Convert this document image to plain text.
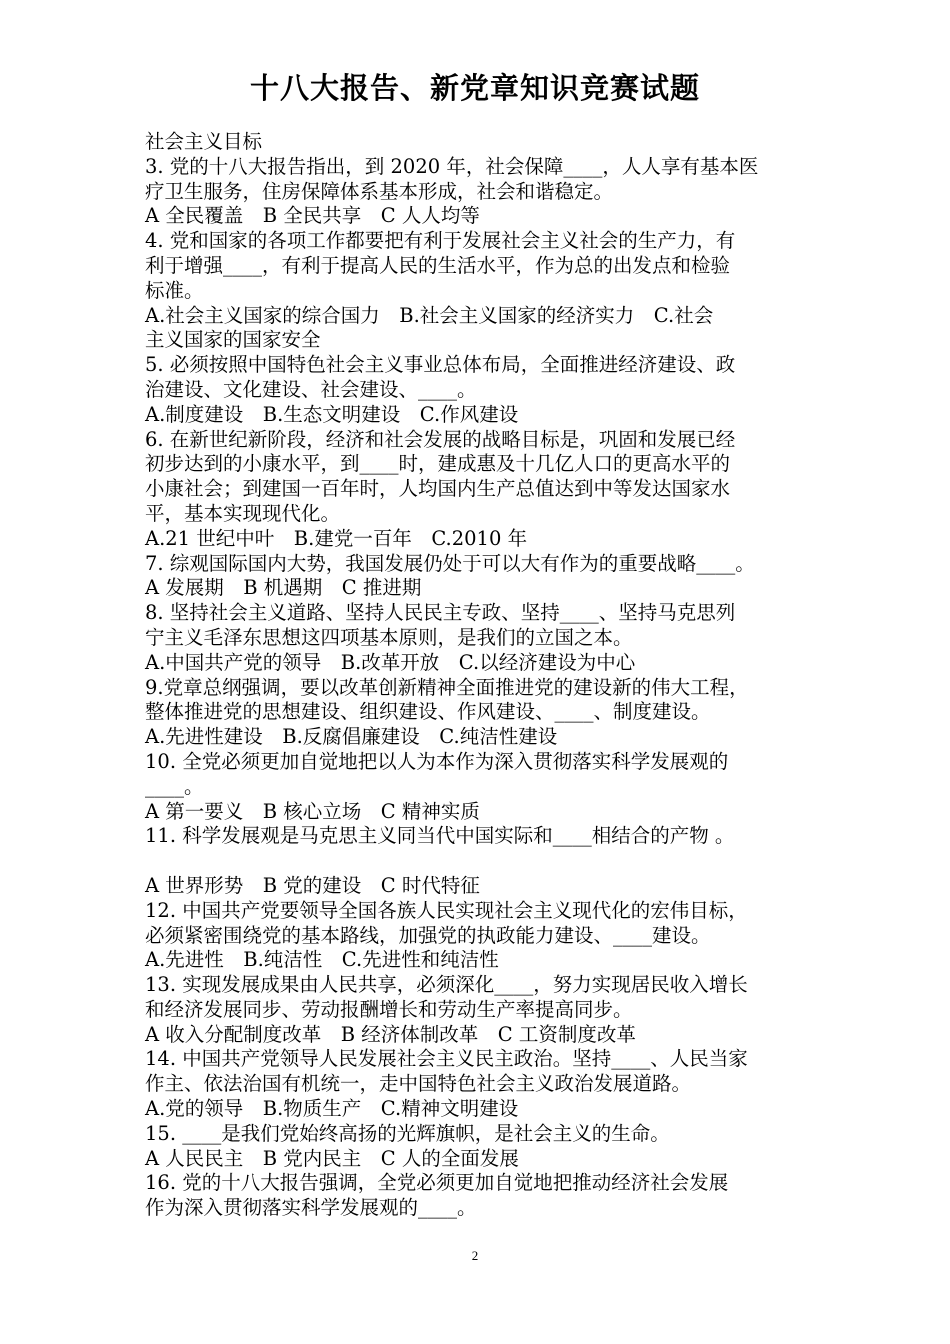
十八大报告、新党章知识竞赛试题
社会主义目标
3. 党的十八大报告指出，到 2020 年，社会保障____，人人享有基本医
疗卫生服务，住房保障体系基本形成，社会和谐稳定。
A 全民覆盖　B 全民共享　C 人人均等
4. 党和国家的各项工作都要把有利于发展社会主义社会的生产力，有
利于增强____，有利于提高人民的生活水平，作为总的出发点和检验
标准。
A.社会主义国家的综合国力　B.社会主义国家的经济实力　C.社会
主义国家的国家安全
5. 必须按照中国特色社会主义事业总体布局，全面推进经济建设、政
治建设、文化建设、社会建设、____。
A.制度建设　B.生态文明建设　C.作风建设
6. 在新世纪新阶段，经济和社会发展的战略目标是，巩固和发展已经
初步达到的小康水平，到____时，建成惠及十几亿人口的更高水平的
小康社会；到建国一百年时，人均国内生产总值达到中等发达国家水
平，基本实现现代化。
A.21 世纪中叶　B.建党一百年　C.2010 年
7. 综观国际国内大势，我国发展仍处于可以大有作为的重要战略____。
A 发展期　B 机遇期　C 推进期
8. 坚持社会主义道路、坚持人民民主专政、坚持____、坚持马克思列
宁主义毛泽东思想这四项基本原则，是我们的立国之本。
A.中国共产党的领导　B.改革开放　C.以经济建设为中心
9.党章总纲强调，要以改革创新精神全面推进党的建设新的伟大工程，
整体推进党的思想建设、组织建设、作风建设、____、制度建设。
A.先进性建设　B.反腐倡廉建设　C.纯洁性建设
10. 全党必须更加自觉地把以人为本作为深入贯彻落实科学发展观的
____。
A 第一要义　B 核心立场　C 精神实质
11. 科学发展观是马克思主义同当代中国实际和____相结合的产物 。
A 世界形势　B 党的建设　C 时代特征
12. 中国共产党要领导全国各族人民实现社会主义现代化的宏伟目标，
必须紧密围绕党的基本路线，加强党的执政能力建设、____建设。
A.先进性　B.纯洁性　C.先进性和纯洁性
13. 实现发展成果由人民共享，必须深化____，努力实现居民收入增长
和经济发展同步、劳动报酬增长和劳动生产率提高同步。
A 收入分配制度改革　B 经济体制改革　C 工资制度改革
14. 中国共产党领导人民发展社会主义民主政治。坚持____、人民当家
作主、依法治国有机统一，走中国特色社会主义政治发展道路。
A.党的领导　B.物质生产　C.精神文明建设
15. ____是我们党始终高扬的光辉旗帜，是社会主义的生命。
A 人民民主　B 党内民主　C 人的全面发展
16. 党的十八大报告强调，全党必须更加自觉地把推动经济社会发展
作为深入贯彻落实科学发展观的____。
2
